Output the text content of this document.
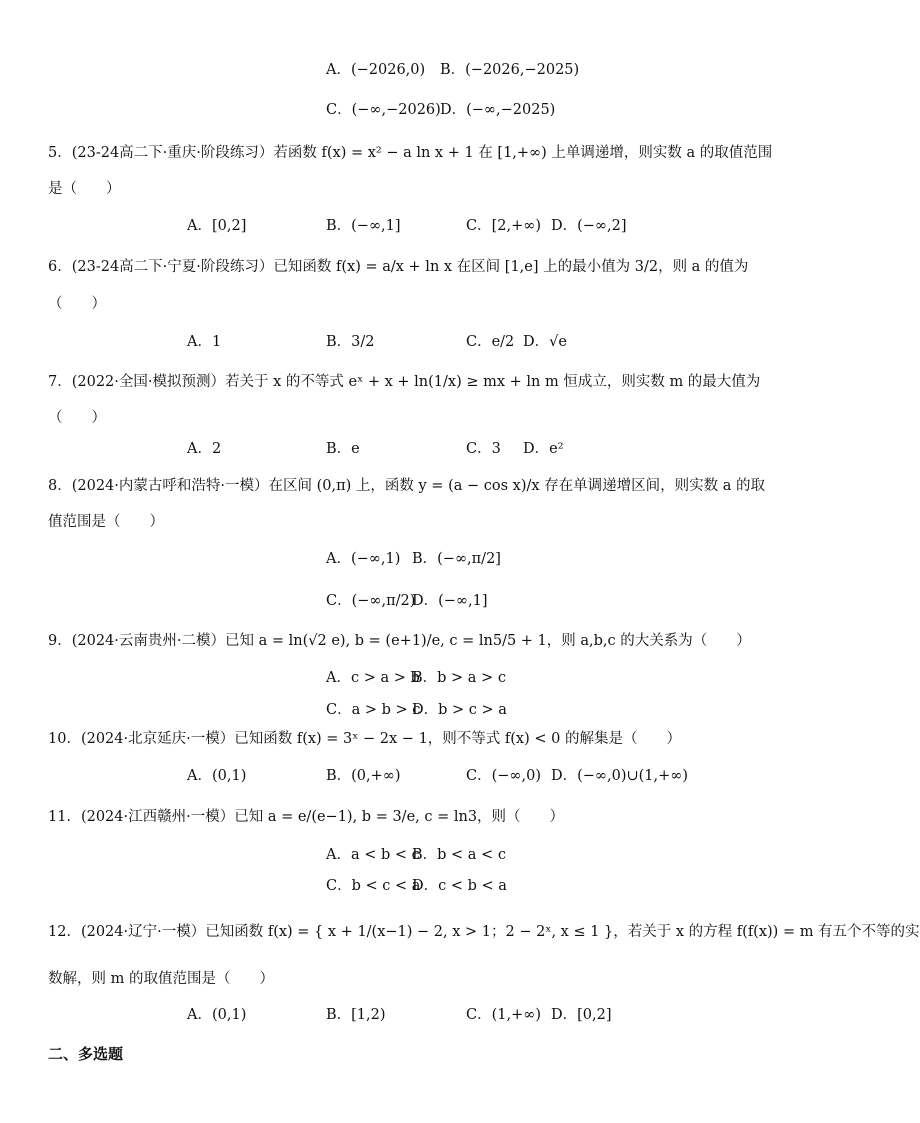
A．(−2026,0) B．(−2026,−2025)
C．(−∞,−2026) D．(−∞,−2025)
5．(23-24高二下·重庆·阶段练习）若函数 f(x) = x² − a ln x + 1 在 [1,+∞) 上单调递增，则实数 a 的取值范围
是（　　）
A．[0,2]	B．(−∞,1]	C．[2,+∞) D．(−∞,2]
6．(23-24高二下·宁夏·阶段练习）已知函数 f(x) = a/x + ln x 在区间 [1,e] 上的最小值为 3/2，则 a 的值为
（　　）
A．1	B．3/2	C．e/2 D．√e
7．(2022·全国·模拟预测）若关于 x 的不等式 eˣ + x + ln(1/x) ≥ mx + ln m 恒成立，则实数 m 的最大值为
（　　）
A．2	B．e	C．3 D．e²
8．(2024·内蒙古呼和浩特·一模）在区间 (0,π) 上，函数 y = (a − cos x)/x 存在单调递增区间，则实数 a 的取
值范围是（　　）
A．(−∞,1) B．(−∞,π/2]
C．(−∞,π/2)
D．(−∞,1]
9．(2024·云南贵州·二模）已知 a = ln(√2 e), b = (e+1)/e, c = ln5/5 + 1，则 a,b,c 的大关系为（　　）
A．c > a > b
B．b > a > c
C．a > b > c
D．b > c > a
10．(2024·北京延庆·一模）已知函数 f(x) = 3ˣ − 2x − 1，则不等式 f(x) < 0 的解集是（　　）
A．(0,1)	B．(0,+∞)	C．(−∞,0) D．(−∞,0)∪(1,+∞)
11．(2024·江西赣州·一模）已知 a = e/(e−1), b = 3/e, c = ln3，则（　　）
A．a < b < c
B．b < a < c
C．b < c < a
D．c < b < a
12．(2024·辽宁·一模）已知函数 f(x) = { x + 1/(x−1) − 2, x > 1；2 − 2ˣ, x ≤ 1 }，若关于 x 的方程 f(f(x)) = m 有五个不等的实
数解，则 m 的取值范围是（　　）
A．(0,1)	B．[1,2)	C．(1,+∞) D．[0,2]
二、多选题
